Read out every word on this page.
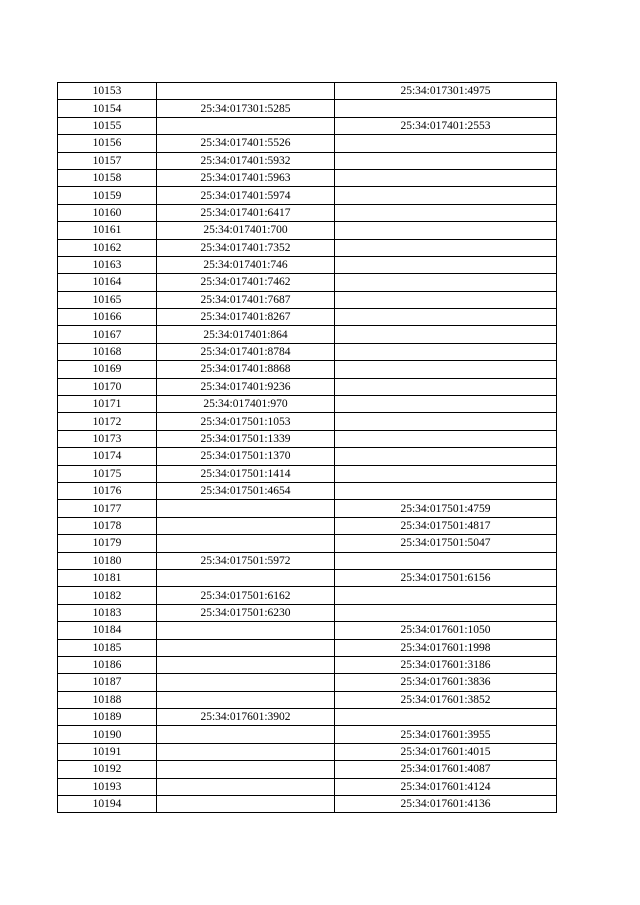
10153		25:34:017301:4975
10154	25:34:017301:5285	
10155		25:34:017401:2553
10156	25:34:017401:5526	
10157	25:34:017401:5932	
10158	25:34:017401:5963	
10159	25:34:017401:5974	
10160	25:34:017401:6417	
10161	25:34:017401:700	
10162	25:34:017401:7352	
10163	25:34:017401:746	
10164	25:34:017401:7462	
10165	25:34:017401:7687	
10166	25:34:017401:8267	
10167	25:34:017401:864	
10168	25:34:017401:8784	
10169	25:34:017401:8868	
10170	25:34:017401:9236	
10171	25:34:017401:970	
10172	25:34:017501:1053	
10173	25:34:017501:1339	
10174	25:34:017501:1370	
10175	25:34:017501:1414	
10176	25:34:017501:4654	
10177		25:34:017501:4759
10178		25:34:017501:4817
10179		25:34:017501:5047
10180	25:34:017501:5972	
10181		25:34:017501:6156
10182	25:34:017501:6162	
10183	25:34:017501:6230	
10184		25:34:017601:1050
10185		25:34:017601:1998
10186		25:34:017601:3186
10187		25:34:017601:3836
10188		25:34:017601:3852
10189	25:34:017601:3902	
10190		25:34:017601:3955
10191		25:34:017601:4015
10192		25:34:017601:4087
10193		25:34:017601:4124
10194		25:34:017601:4136
